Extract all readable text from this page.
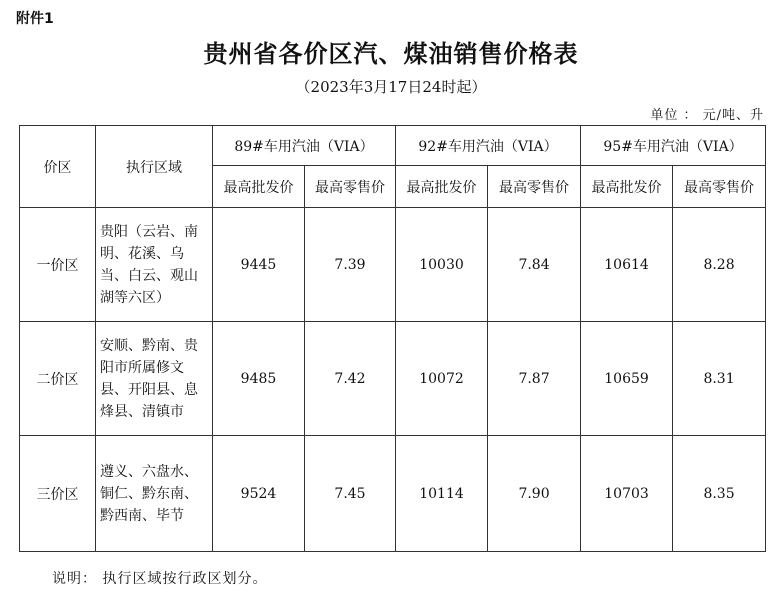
附件1
贵州省各价区汽、煤油销售价格表
（2023年3月17日24时起）
单位 ： 元/吨、升
价区	执行区域	89#车用汽油（VIA）		92#车用汽油（VIA）		95#车用汽油（VIA）	
		最高批发价	最高零售价	最高批发价	最高零售价	最高批发价	最高零售价
一价区	贵阳（云岩、南明、花溪、乌当、白云、观山湖等六区）	9445	7.39	10030	7.84	10614	8.28
二价区	安顺、黔南、贵阳市所属修文县、开阳县、息烽县、清镇市	9485	7.42	10072	7.87	10659	8.31
三价区	遵义、六盘水、铜仁、黔东南、黔西南、毕节	9524	7.45	10114	7.90	10703	8.35
说明： 执行区域按行政区划分。
